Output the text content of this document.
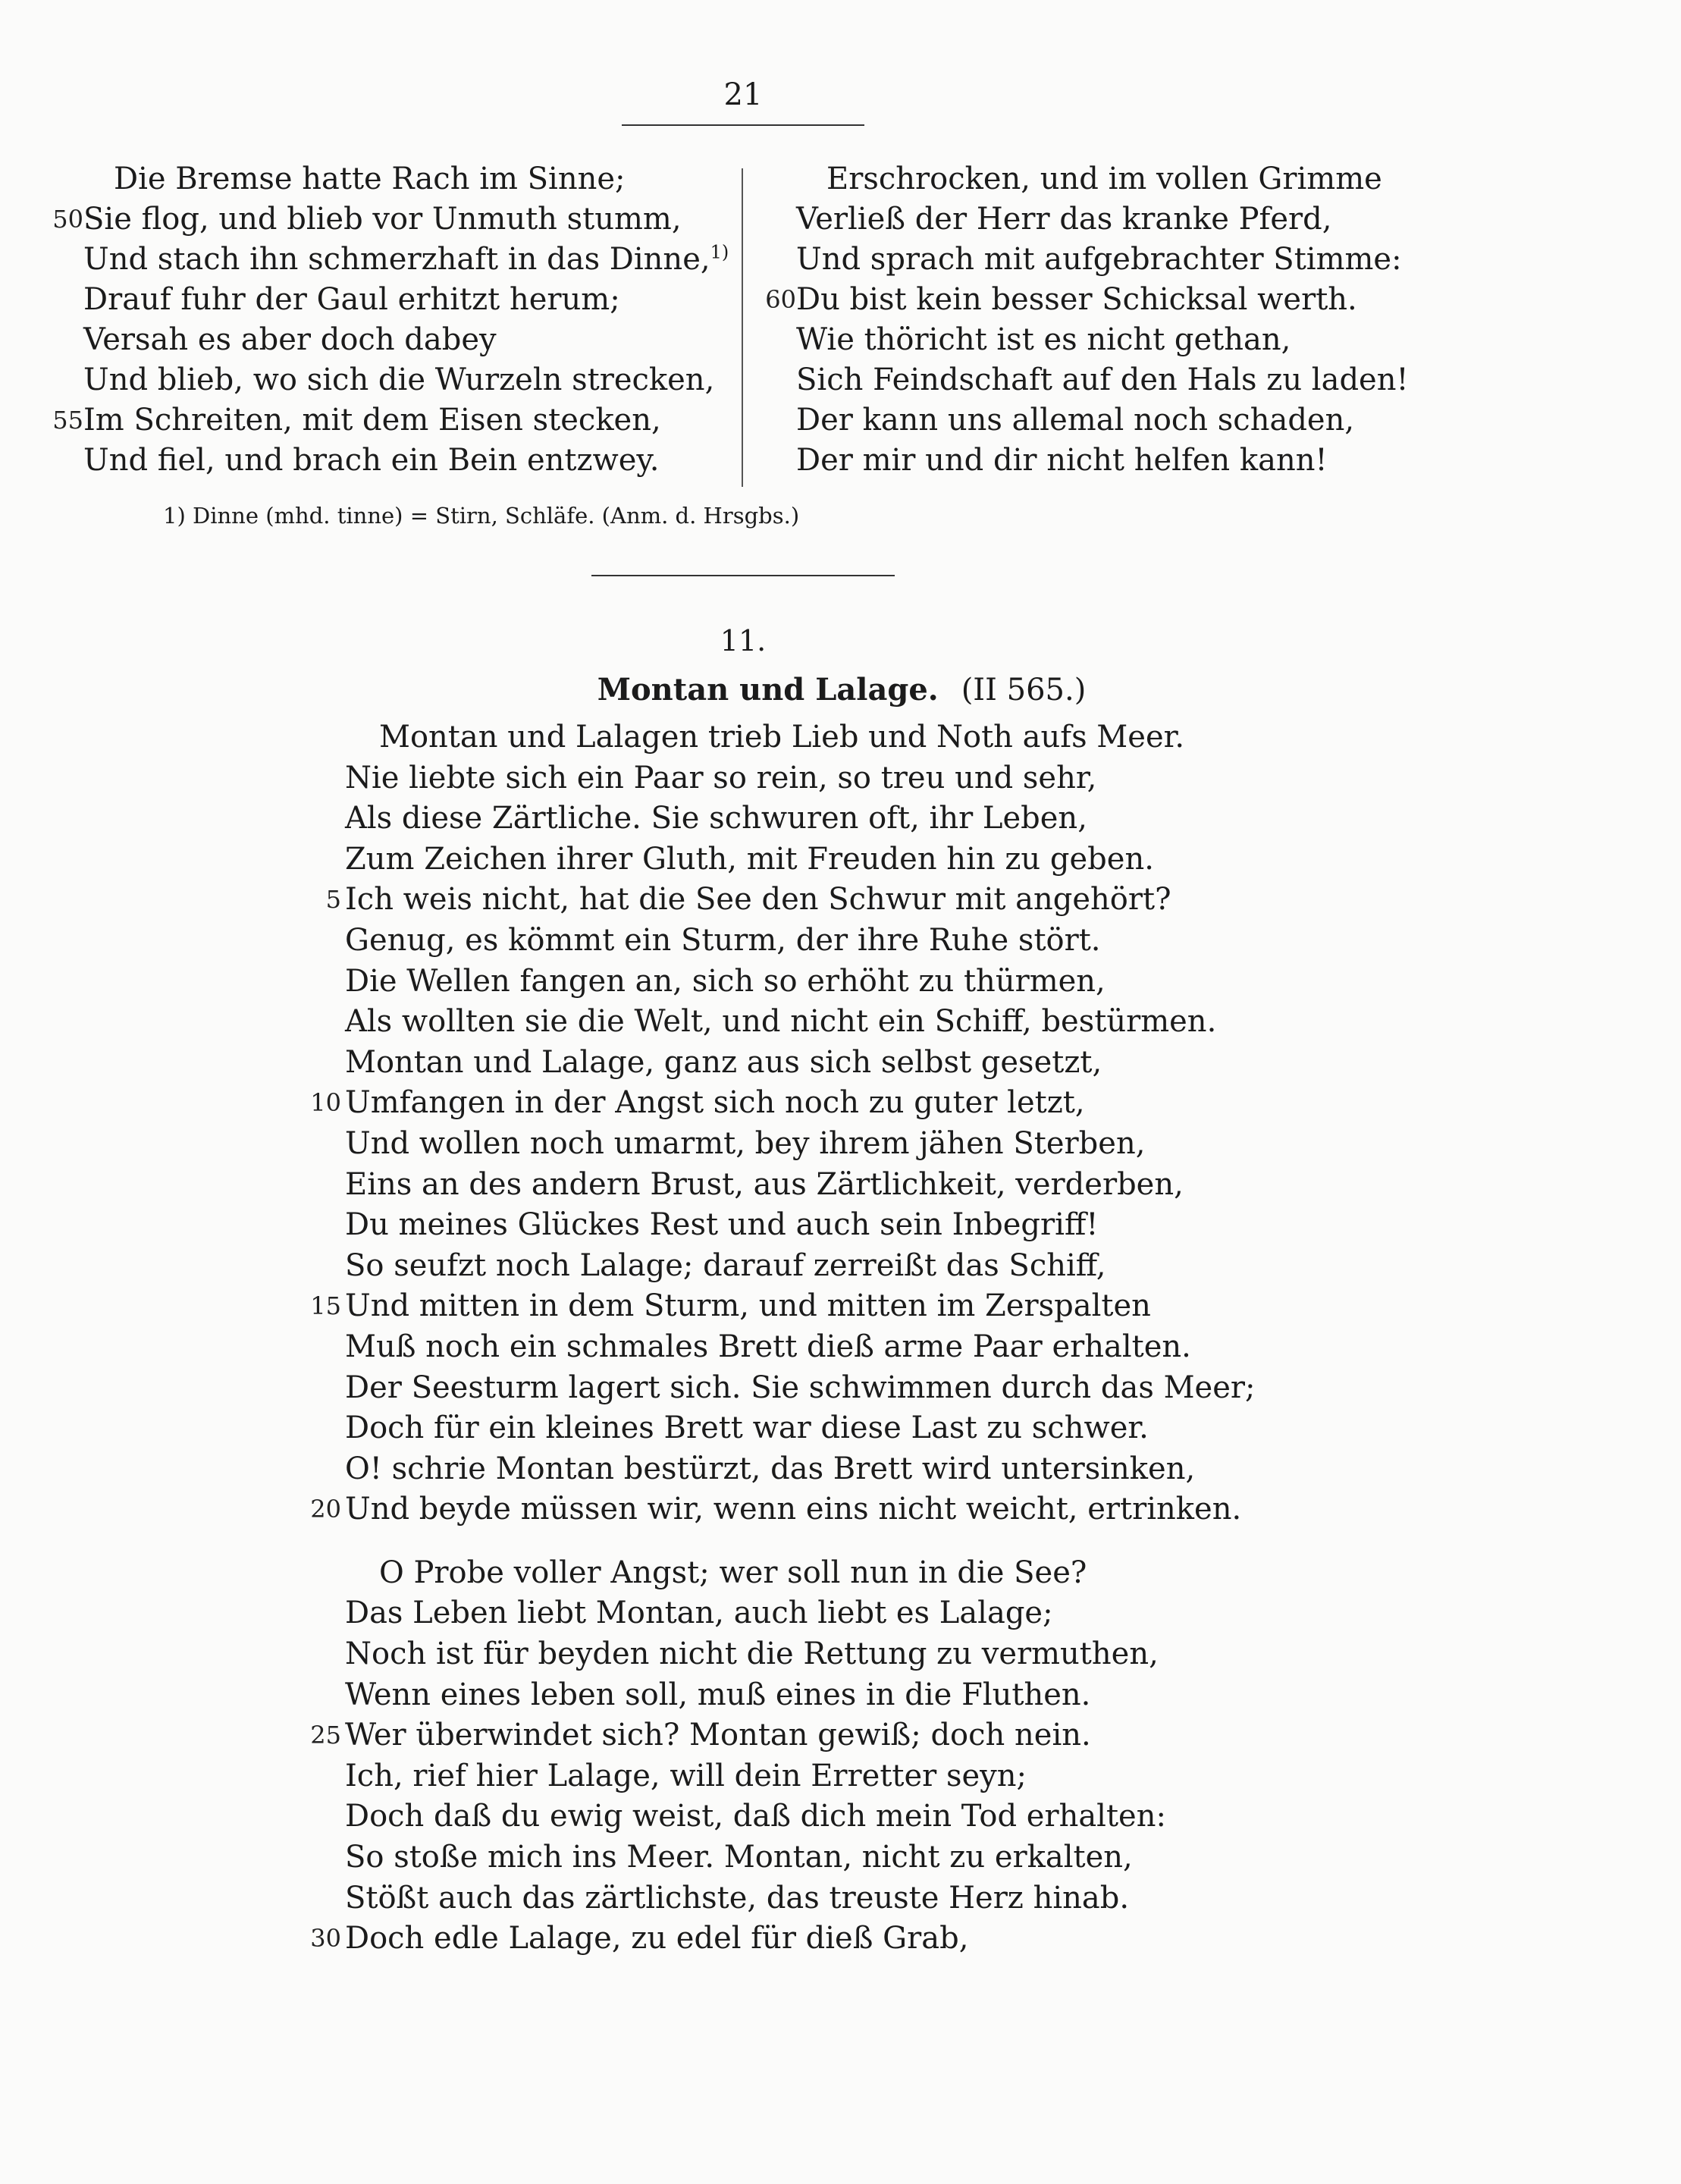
21
Die Bremse hatte Rach im Sinne;
50 Sie flog, und blieb vor Unmuth stumm,
Und stach ihn schmerzhaft in das Dinne,$^{1)}$
Drauf fuhr der Gaul erhitzt herum;
Versah es aber doch dabey
Und blieb, wo sich die Wurzeln strecken,
55 Im Schreiten, mit dem Eisen stecken,
Und fiel, und brach ein Bein entzwey.
Erschrocken, und im vollen Grimme
Verließ der Herr das kranke Pferd,
Und sprach mit aufgebrachter Stimme:
60 Du bist kein besser Schicksal werth.
Wie thöricht ist es nicht gethan,
Sich Feindschaft auf den Hals zu laden!
Der kann uns allemal noch schaden,
Der mir und dir nicht helfen kann!
1) Dinne (mhd. tinne) = Stirn, Schläfe. (Anm. d. Hrsgbs.)
11.
Montan und Lalage. (II 565.)
Montan und Lalagen trieb Lieb und Noth aufs Meer.
Nie liebte sich ein Paar so rein, so treu und sehr,
Als diese Zärtliche. Sie schwuren oft, ihr Leben,
Zum Zeichen ihrer Gluth, mit Freuden hin zu geben.
5 Ich weis nicht, hat die See den Schwur mit angehört?
Genug, es kömmt ein Sturm, der ihre Ruhe stört.
Die Wellen fangen an, sich so erhöht zu thürmen,
Als wollten sie die Welt, und nicht ein Schiff, bestürmen.
Montan und Lalage, ganz aus sich selbst gesetzt,
10 Umfangen in der Angst sich noch zu guter letzt,
Und wollen noch umarmt, bey ihrem jähen Sterben,
Eins an des andern Brust, aus Zärtlichkeit, verderben,
Du meines Glückes Rest und auch sein Inbegriff!
So seufzt noch Lalage; darauf zerreißt das Schiff,
15 Und mitten in dem Sturm, und mitten im Zerspalten
Muß noch ein schmales Brett dieß arme Paar erhalten.
Der Seesturm lagert sich. Sie schwimmen durch das Meer;
Doch für ein kleines Brett war diese Last zu schwer.
O! schrie Montan bestürzt, das Brett wird untersinken,
20 Und beyde müssen wir, wenn eins nicht weicht, ertrinken.
O Probe voller Angst; wer soll nun in die See?
Das Leben liebt Montan, auch liebt es Lalage;
Noch ist für beyden nicht die Rettung zu vermuthen,
Wenn eines leben soll, muß eines in die Fluthen.
25 Wer überwindet sich? Montan gewiß; doch nein.
Ich, rief hier Lalage, will dein Erretter seyn;
Doch daß du ewig weist, daß dich mein Tod erhalten:
So stoße mich ins Meer. Montan, nicht zu erkalten,
Stößt auch das zärtlichste, das treuste Herz hinab.
30 Doch edle Lalage, zu edel für dieß Grab,
